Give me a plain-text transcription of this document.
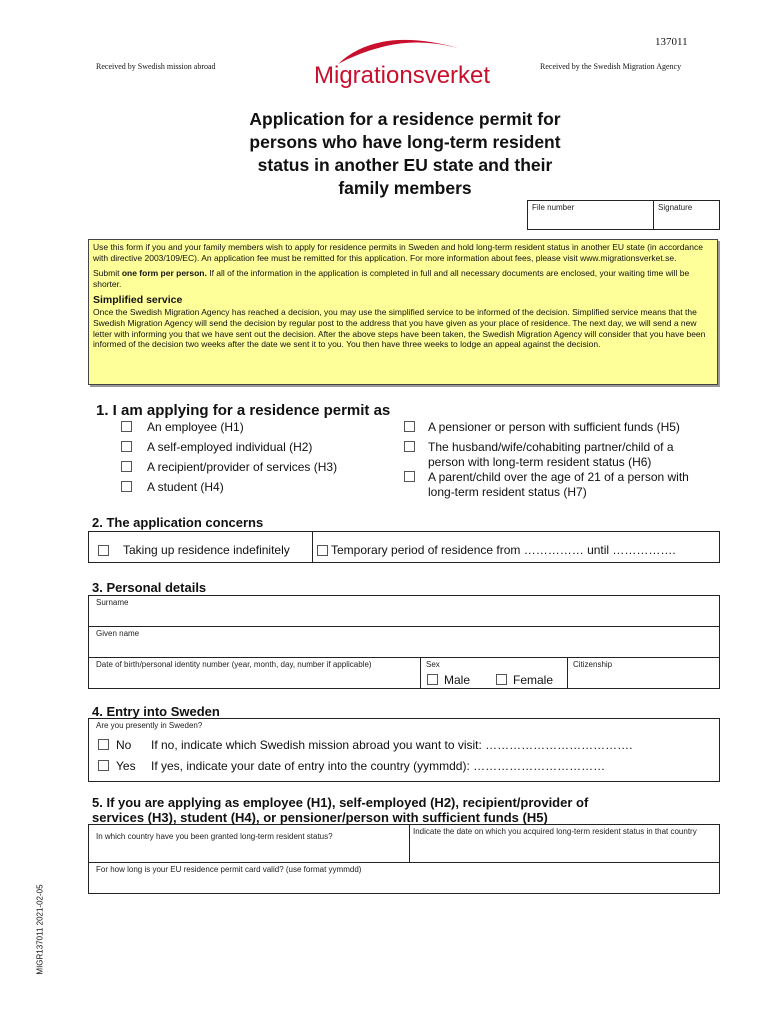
137011
Received by Swedish mission abroad	Received by the Swedish Migration Agency
Migrationsverket
Application for a residence permit for
persons who have long-term resident
status in another EU state and their
family members
File number	Signature

Use this form if you and your family members wish to apply for residence permits in Sweden and hold long-term resident status in another EU state (in accordance with directive 2003/109/EC). An application fee must be remitted for this application. For more information about fees, please visit www.migrationsverket.se.

Submit one form per person. If all of the information in the application is completed in full and all necessary documents are enclosed, your waiting time will be shorter.

Simplified service
Once the Swedish Migration Agency has reached a decision, you may use the simplified service to be informed of the decision. Simplified service means that the Swedish Migration Agency will send the decision by regular post to the address that you have given as your place of residence. The next day, we will send a new letter with informing you that we have sent out the decision. After the above steps have been taken, the Swedish Migration Agency will consider that you have been informed of the decision two weeks after the date we sent it to you. You then have three weeks to lodge an appeal against the decision.
1. I am applying for a residence permit as
An employee (H1)
A self-employed individual (H2)
A recipient/provider of services (H3)
A student (H4)
A pensioner or person with sufficient funds (H5)
The husband/wife/cohabiting partner/child of a
person with long-term resident status (H6)
A parent/child over the age of 21 of a person with
long-term resident status (H7)
2. The application concerns
Taking up residence indefinitely	Temporary period of residence from …………… until …………….
3. Personal details
Surname
Given name
Date of birth/personal identity number (year, month, day, number if applicable)	Sex
Male	Female
Citizenship
4. Entry into Sweden
Are you presently in Sweden?
No If no, indicate which Swedish mission abroad you want to visit: ……………………………….
Yes If yes, indicate your date of entry into the country (yymmdd): ……………………………
5. If you are applying as employee (H1), self-employed (H2), recipient/provider of
services (H3), student (H4), or pensioner/person with sufficient funds (H5)
In which country have you been granted long-term resident status?
Indicate the date on which you acquired long-term resident status in that country
For how long is your EU residence permit card valid? (use format yymmdd)
MIGR137011 2021-02-05
